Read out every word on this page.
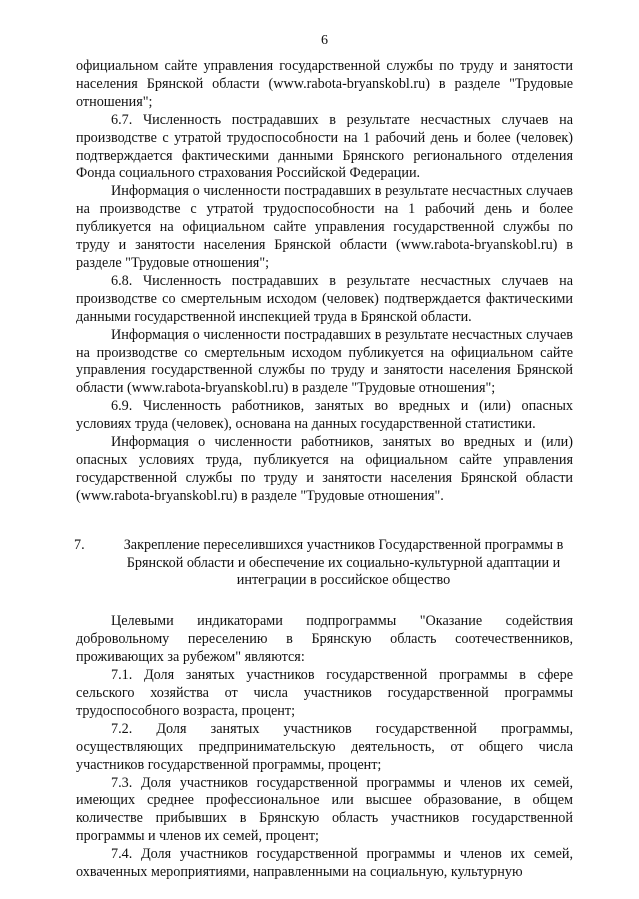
6

официальном сайте управления государственной службы по труду и занятости населения Брянской области (www.rabota-bryanskobl.ru) в разделе "Трудовые отношения";

6.7. Численность пострадавших в результате несчастных случаев на производстве с утратой трудоспособности на 1 рабочий день и более (человек) подтверждается фактическими данными Брянского регионального отделения Фонда социального страхования Российской Федерации.

Информация о численности пострадавших в результате несчастных случаев на производстве с утратой трудоспособности на 1 рабочий день и более публикуется на официальном сайте управления государственной службы по труду и занятости населения Брянской области (www.rabota-bryanskobl.ru) в разделе "Трудовые отношения";

6.8. Численность пострадавших в результате несчастных случаев на производстве со смертельным исходом (человек) подтверждается фактическими данными государственной инспекцией труда в Брянской области.

Информация о численности пострадавших в результате несчастных случаев на производстве со смертельным исходом публикуется на официальном сайте управления государственной службы по труду и занятости населения Брянской области (www.rabota-bryanskobl.ru) в разделе "Трудовые отношения";

6.9. Численность работников, занятых во вредных и (или) опасных условиях труда (человек), основана на данных государственной статистики.

Информация о численности работников, занятых во вредных и (или) опасных условиях труда, публикуется на официальном сайте управления государственной службы по труду и занятости населения Брянской области (www.rabota-bryanskobl.ru) в разделе "Трудовые отношения".

7.	Закрепление переселившихся участников Государственной программы в Брянской области и обеспечение их социально-культурной адаптации и интеграции в российское общество

Целевыми индикаторами подпрограммы "Оказание содействия добровольному переселению в Брянскую область соотечественников, проживающих за рубежом" являются:

7.1. Доля занятых участников государственной программы в сфере сельского хозяйства от числа участников государственной программы трудоспособного возраста, процент;

7.2. Доля занятых участников государственной программы, осуществляющих предпринимательскую деятельность, от общего числа участников государственной программы, процент;

7.3. Доля участников государственной программы и членов их семей, имеющих среднее профессиональное или высшее образование, в общем количестве прибывших в Брянскую область участников государственной программы и членов их семей, процент;

7.4. Доля участников государственной программы и членов их семей, охваченных мероприятиями, направленными на социальную, культурную
